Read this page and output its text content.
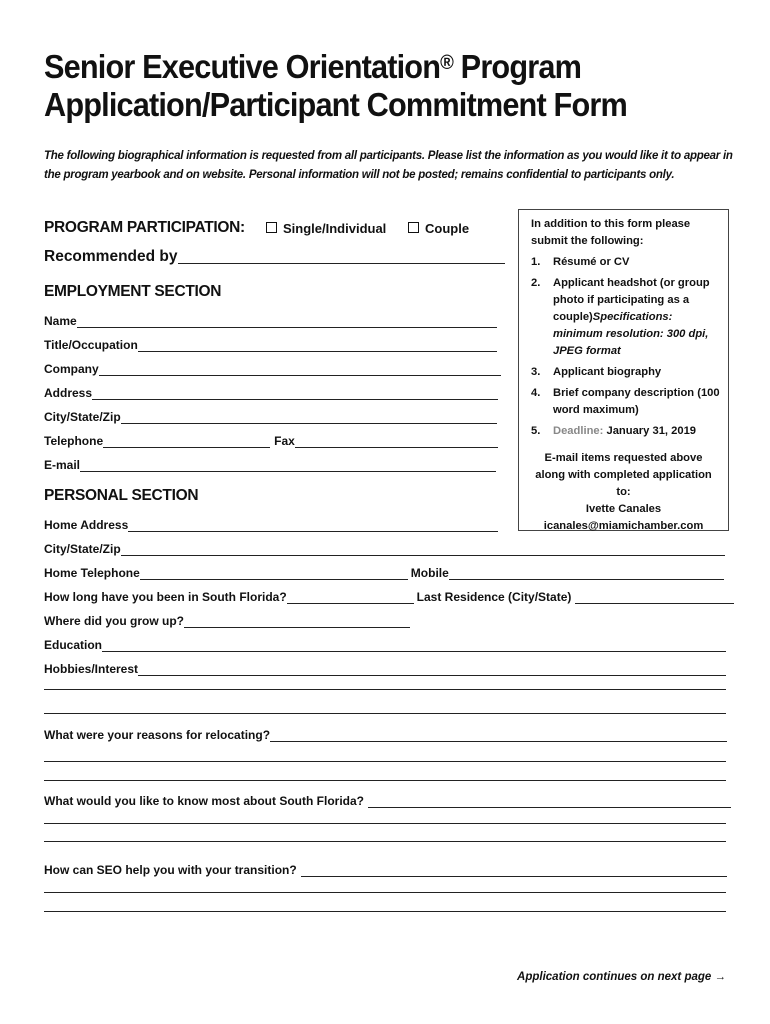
Senior Executive Orientation® Program
Application/Participant Commitment Form
The following biographical information is requested from all participants. Please list the information as you would like it to appear in the program yearbook and on website. Personal information will not be posted; remains confidential to participants only.
PROGRAM PARTICIPATION:	Single/Individual	Couple
Recommended by
EMPLOYMENT SECTION
Name
Title/Occupation
Company
Address
City/State/Zip
Telephone	Fax
E-mail
PERSONAL SECTION
Home Address
City/State/Zip
Home Telephone	Mobile
How long have you been in South Florida?	Last Residence (City/State)
Where did you grow up?
Education
Hobbies/Interest
What were your reasons for relocating?
What would you like to know most about South Florida?
How can SEO help you with your transition?
In addition to this form please submit the following:
1.	Résumé or CV
2.	Applicant headshot (or group photo if participating as a couple)Specifications: minimum resolution: 300 dpi, JPEG format
3.	Applicant biography
4.	Brief company description (100 word maximum)
5.	Deadline: January 31, 2019
E-mail items requested above along with completed application to:
Ivette Canales
icanales@miamichamber.com
Application continues on next page →
